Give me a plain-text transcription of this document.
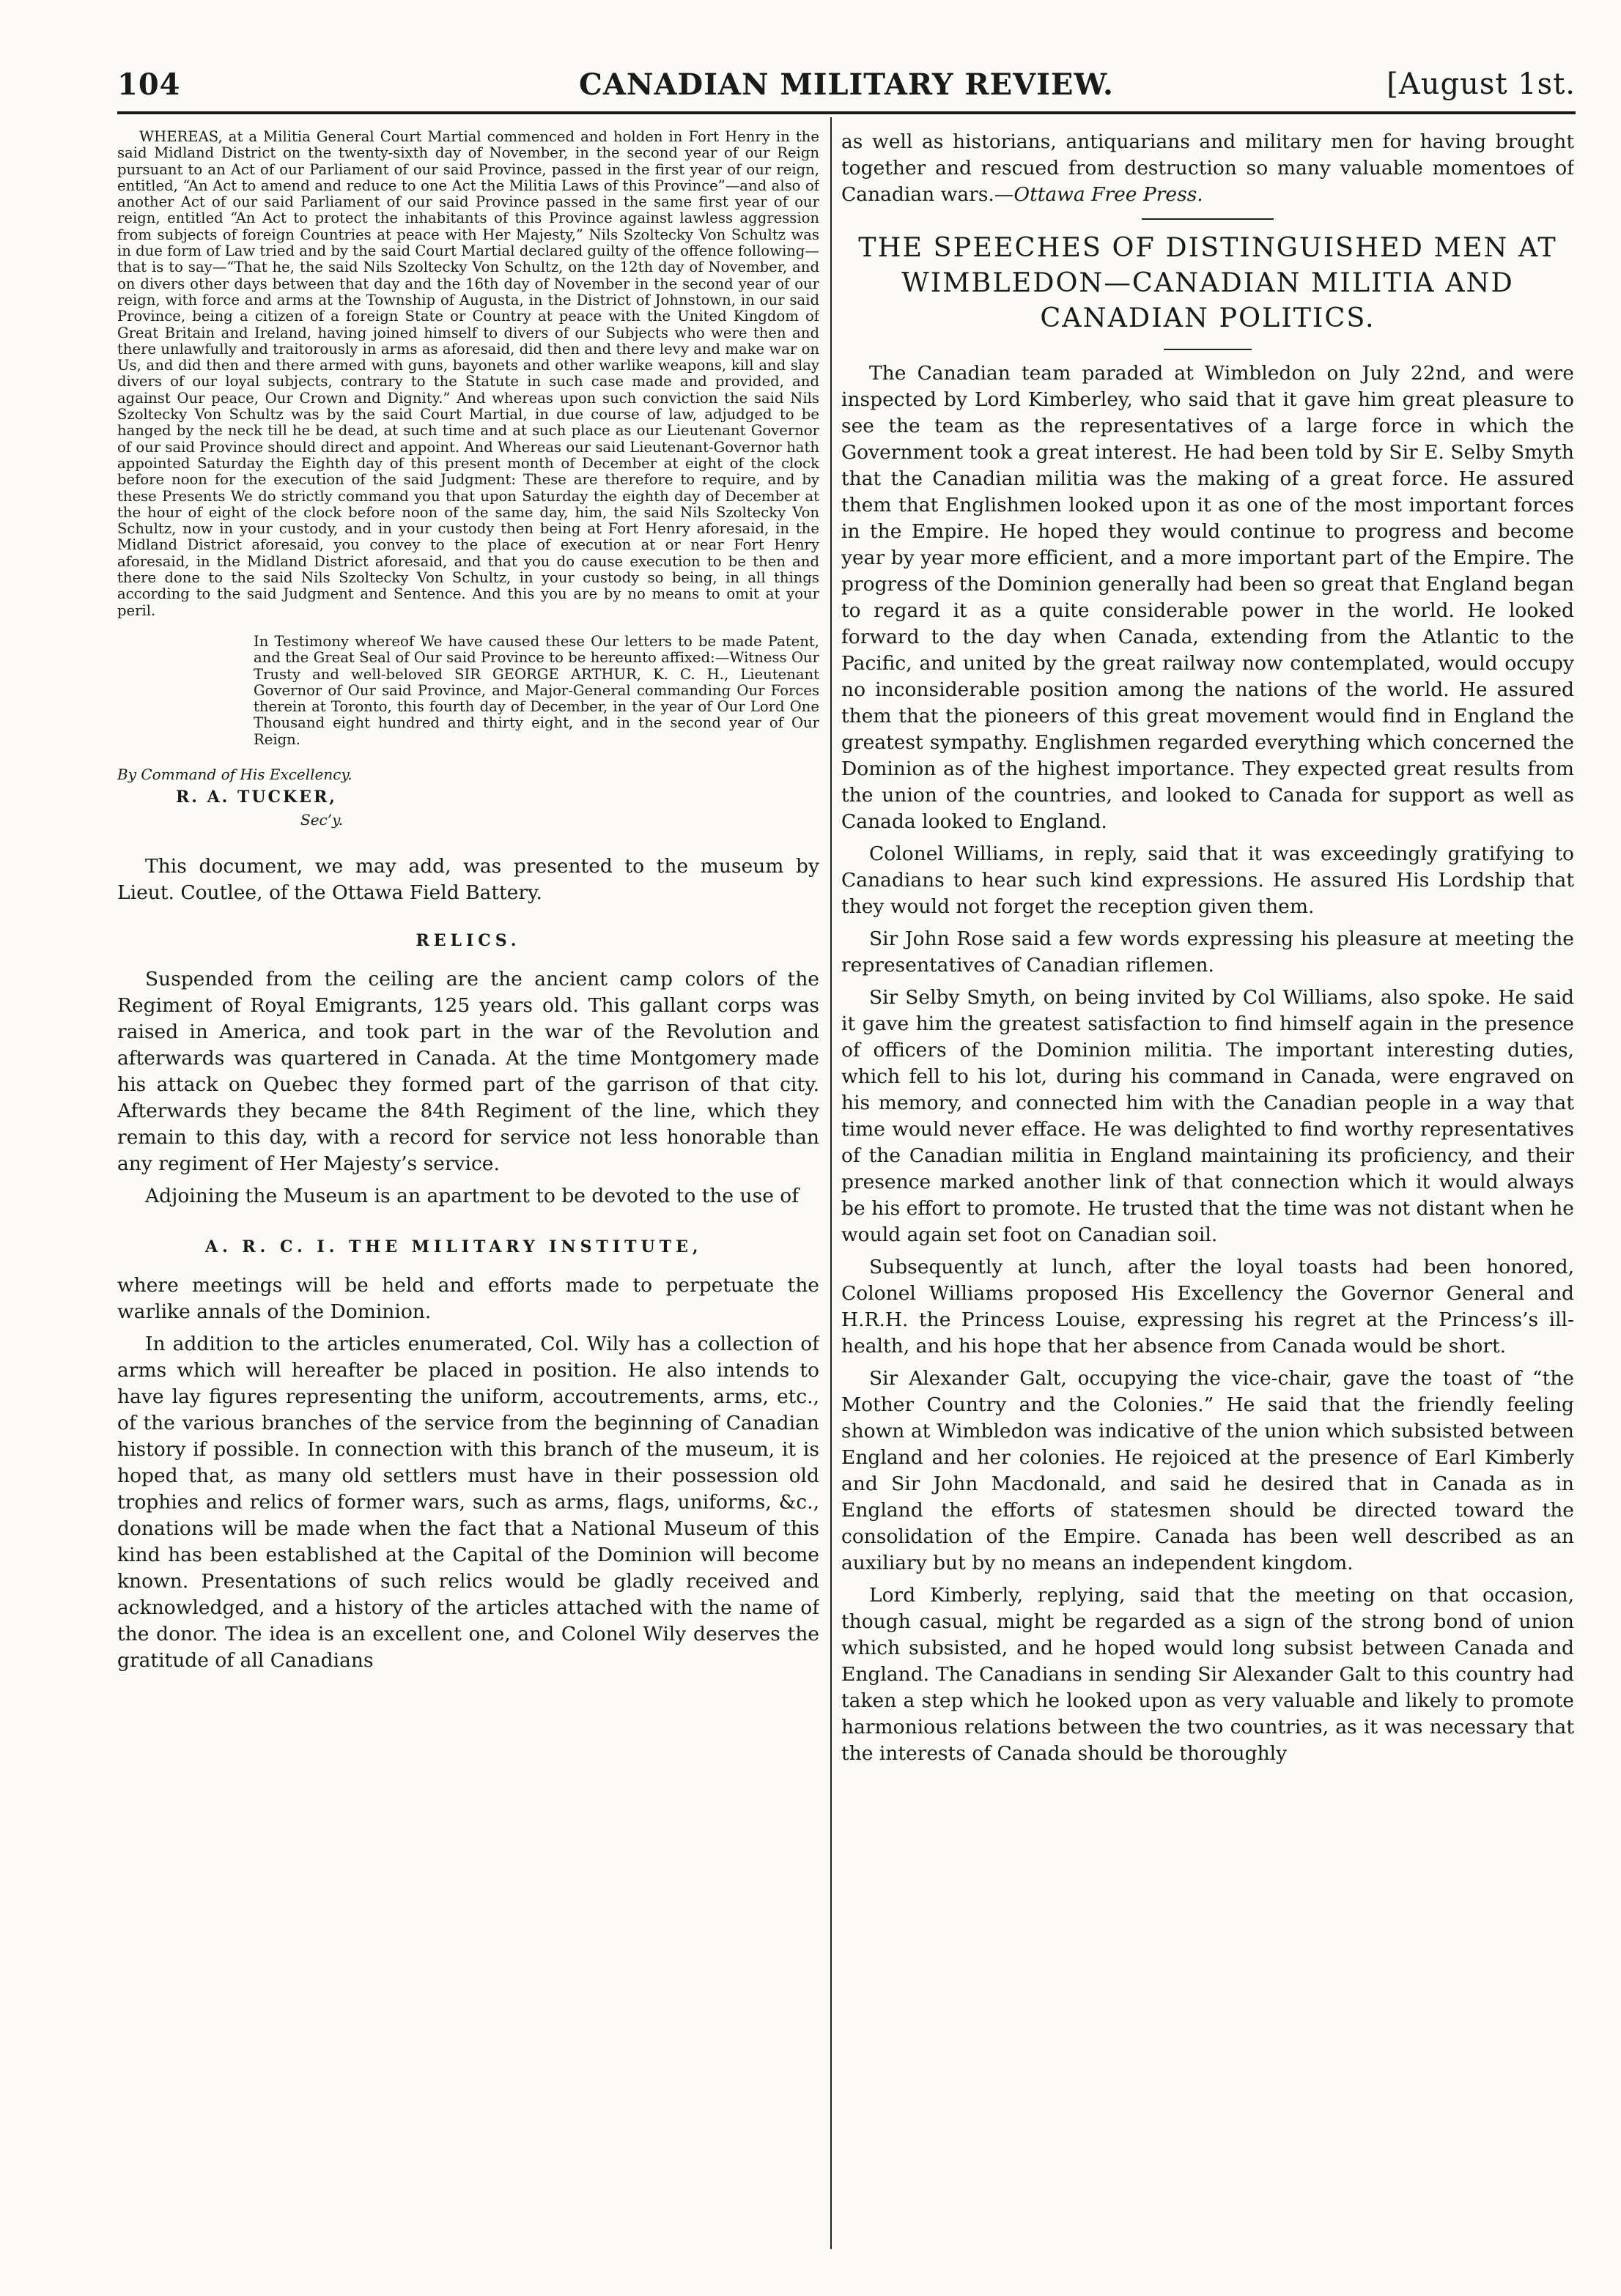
CANADIAN MILITARY REVIEW.
104	[August 1st.

WHEREAS, at a Militia General Court Martial commenced and holden in Fort Henry in the said Midland District on the twenty-sixth day of November, in the second year of our Reign pursuant to an Act of our Parliament of our said Province, passed in the first year of our reign, entitled, “An Act to amend and reduce to one Act the Militia Laws of this Province”—and also of another Act of our said Parliament of our said Province passed in the same first year of our reign, entitled “An Act to protect the inhabitants of this Province against lawless aggression from subjects of foreign Countries at peace with Her Majesty,” Nils Szoltecky Von Schultz was in due form of Law tried and by the said Court Martial declared guilty of the offence following—that is to say—“That he, the said Nils Szoltecky Von Schultz, on the 12th day of November, and on divers other days between that day and the 16th day of November in the second year of our reign, with force and arms at the Township of Augusta, in the District of Johnstown, in our said Province, being a citizen of a foreign State or Country at peace with the United Kingdom of Great Britain and Ireland, having joined himself to divers of our Subjects who were then and there unlawfully and traitorously in arms as aforesaid, did then and there levy and make war on Us, and did then and there armed with guns, bayonets and other warlike weapons, kill and slay divers of our loyal subjects, contrary to the Statute in such case made and provided, and against Our peace, Our Crown and Dignity.” And whereas upon such conviction the said Nils Szoltecky Von Schultz was by the said Court Martial, in due course of law, adjudged to be hanged by the neck till he be dead, at such time and at such place as our Lieutenant Governor of our said Province should direct and appoint. And Whereas our said Lieutenant-Governor hath appointed Saturday the Eighth day of this present month of December at eight of the clock before noon for the execution of the said Judgment: These are therefore to require, and by these Presents We do strictly command you that upon Saturday the eighth day of December at the hour of eight of the clock before noon of the same day, him, the said Nils Szoltecky Von Schultz, now in your custody, and in your custody then being at Fort Henry aforesaid, in the Midland District aforesaid, you convey to the place of execution at or near Fort Henry aforesaid, in the Midland District aforesaid, and that you do cause execution to be then and there done to the said Nils Szoltecky Von Schultz, in your custody so being, in all things according to the said Judgment and Sentence. And this you are by no means to omit at your peril.

In Testimony whereof We have caused these Our letters to be made Patent, and the Great Seal of Our said Province to be hereunto affixed:—Witness Our Trusty and well-beloved SIR GEORGE ARTHUR, K. C. H., Lieutenant Governor of Our said Province, and Major-General commanding Our Forces therein at Toronto, this fourth day of December, in the year of Our Lord One Thousand eight hundred and thirty eight, and in the second year of Our Reign.
By Command of His Excellency.
R. A. TUCKER,
Sec’y.

This document, we may add, was presented to the museum by Lieut. Coutlee, of the Ottawa Field Battery.

RELICS.

Suspended from the ceiling are the ancient camp colors of the Regiment of Royal Emigrants, 125 years old. This gallant corps was raised in America, and took part in the war of the Revolution and afterwards was quartered in Canada. At the time Montgomery made his attack on Quebec they formed part of the garrison of that city. Afterwards they became the 84th Regiment of the line, which they remain to this day, with a record for service not less honorable than any regiment of Her Majesty’s service.

Adjoining the Museum is an apartment to be devoted to the use of

A. R. C. I. THE MILITARY INSTITUTE,

where meetings will be held and efforts made to perpetuate the warlike annals of the Dominion.

In addition to the articles enumerated, Col. Wily has a collection of arms which will hereafter be placed in position. He also intends to have lay figures representing the uniform, accoutrements, arms, etc., of the various branches of the service from the beginning of Canadian history if possible. In connection with this branch of the museum, it is hoped that, as many old settlers must have in their possession old trophies and relics of former wars, such as arms, flags, uniforms, &c., donations will be made when the fact that a National Museum of this kind has been established at the Capital of the Dominion will become known. Presentations of such relics would be gladly received and acknowledged, and a history of the articles attached with the name of the donor. The idea is an excellent one, and Colonel Wily deserves the gratitude of all Canadians

as well as historians, antiquarians and military men for having brought together and rescued from destruction so many valuable momentoes of Canadian wars.—Ottawa Free Press.

THE SPEECHES OF DISTINGUISHED MEN AT WIMBLEDON—CANADIAN MILITIA AND CANADIAN POLITICS.

The Canadian team paraded at Wimbledon on July 22nd, and were inspected by Lord Kimberley, who said that it gave him great pleasure to see the team as the representatives of a large force in which the Government took a great interest. He had been told by Sir E. Selby Smyth that the Canadian militia was the making of a great force. He assured them that Englishmen looked upon it as one of the most important forces in the Empire. He hoped they would continue to progress and become year by year more efficient, and a more important part of the Empire. The progress of the Dominion generally had been so great that England began to regard it as a quite considerable power in the world. He looked forward to the day when Canada, extending from the Atlantic to the Pacific, and united by the great railway now contemplated, would occupy no inconsiderable position among the nations of the world. He assured them that the pioneers of this great movement would find in England the greatest sympathy. Englishmen regarded everything which concerned the Dominion as of the highest importance. They expected great results from the union of the countries, and looked to Canada for support as well as Canada looked to England.

Colonel Williams, in reply, said that it was exceedingly gratifying to Canadians to hear such kind expressions. He assured His Lordship that they would not forget the reception given them.

Sir John Rose said a few words expressing his pleasure at meeting the representatives of Canadian riflemen.

Sir Selby Smyth, on being invited by Col Williams, also spoke. He said it gave him the greatest satisfaction to find himself again in the presence of officers of the Dominion militia. The important interesting duties, which fell to his lot, during his command in Canada, were engraved on his memory, and connected him with the Canadian people in a way that time would never efface. He was delighted to find worthy representatives of the Canadian militia in England maintaining its proficiency, and their presence marked another link of that connection which it would always be his effort to promote. He trusted that the time was not distant when he would again set foot on Canadian soil.

Subsequently at lunch, after the loyal toasts had been honored, Colonel Williams proposed His Excellency the Governor General and H.R.H. the Princess Louise, expressing his regret at the Princess’s ill-health, and his hope that her absence from Canada would be short.

Sir Alexander Galt, occupying the vice-chair, gave the toast of “the Mother Country and the Colonies.” He said that the friendly feeling shown at Wimbledon was indicative of the union which subsisted between England and her colonies. He rejoiced at the presence of Earl Kimberly and Sir John Macdonald, and said he desired that in Canada as in England the efforts of statesmen should be directed toward the consolidation of the Empire. Canada has been well described as an auxiliary but by no means an independent kingdom.

Lord Kimberly, replying, said that the meeting on that occasion, though casual, might be regarded as a sign of the strong bond of union which subsisted, and he hoped would long subsist between Canada and England. The Canadians in sending Sir Alexander Galt to this country had taken a step which he looked upon as very valuable and likely to promote harmonious relations between the two countries, as it was necessary that the interests of Canada should be thoroughly
